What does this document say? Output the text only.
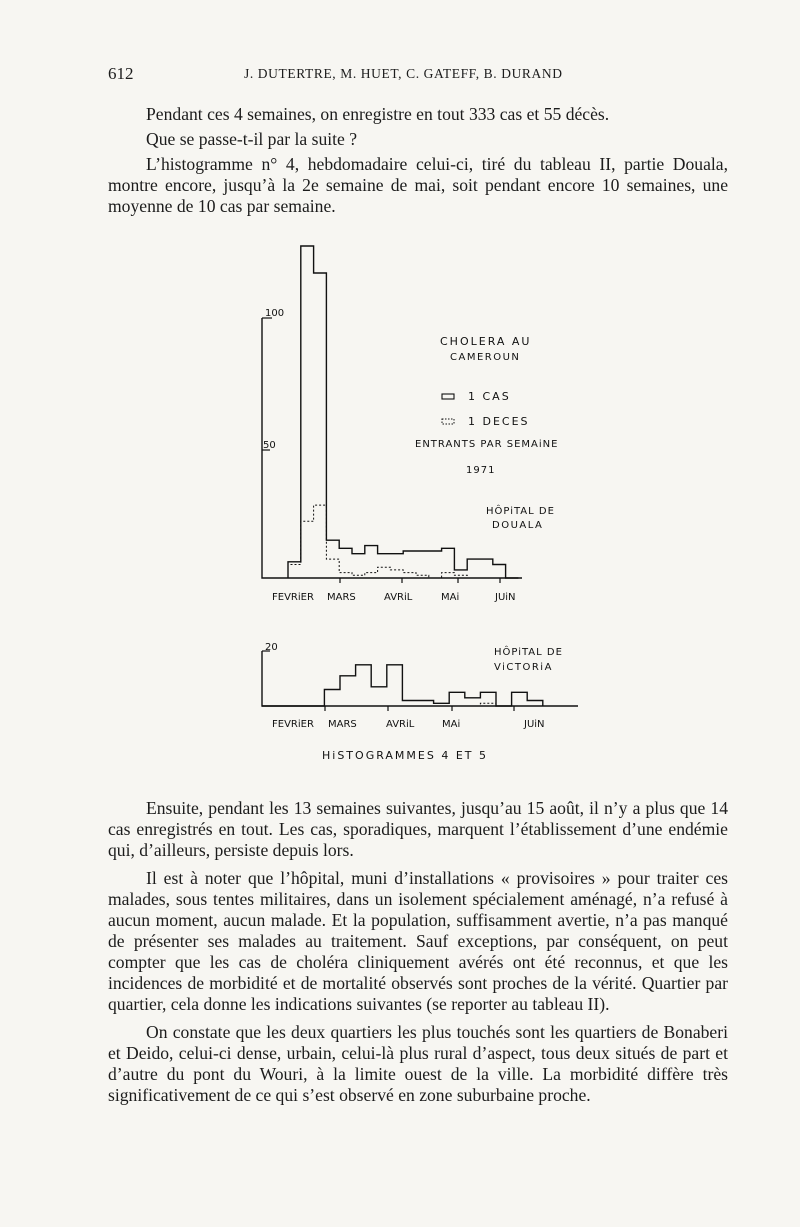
612	J. DUTERTRE, M. HUET, C. GATEFF, B. DURAND

Pendant ces 4 semaines, on enregistre en tout 333 cas et 55 décès.

Que se passe-t-il par la suite ?

L’histogramme n° 4, hebdomadaire celui-ci, tiré du tableau II, partie Douala, montre encore, jusqu’à la 2e semaine de mai, soit pendant encore 10 semaines, une moyenne de 10 cas par semaine.

100
50
FEVRiER MARS	AVRiL	MAi	JUiN
CHOLERA AU
CAMEROUN
1 CAS
1 DECES
ENTRANTS PAR SEMAiNE
1971
HÔPiTAL DE
DOUALA
20
FEVRiER MARS	AVRiL	MAi	JUiN
HÔPiTAL DE
ViCTORiA
HiSTOGRAMMES 4 ET 5

Ensuite, pendant les 13 semaines suivantes, jusqu’au 15 août, il n’y a plus que 14 cas enregistrés en tout. Les cas, sporadiques, marquent l’établissement d’une endémie qui, d’ailleurs, persiste depuis lors.

Il est à noter que l’hôpital, muni d’installations « provisoires » pour traiter ces malades, sous tentes militaires, dans un isolement spécialement aménagé, n’a refusé à aucun moment, aucun malade. Et la population, suffisamment avertie, n’a pas manqué de présenter ses malades au traitement. Sauf exceptions, par conséquent, on peut compter que les cas de choléra cliniquement avérés ont été reconnus, et que les incidences de morbidité et de mortalité observés sont proches de la vérité. Quartier par quartier, cela donne les indications suivantes (se reporter au tableau II).

On constate que les deux quartiers les plus touchés sont les quartiers de Bonaberi et Deido, celui-ci dense, urbain, celui-là plus rural d’aspect, tous deux situés de part et d’autre du pont du Wouri, à la limite ouest de la ville. La morbidité diffère très significativement de ce qui s’est observé en zone suburbaine proche.
